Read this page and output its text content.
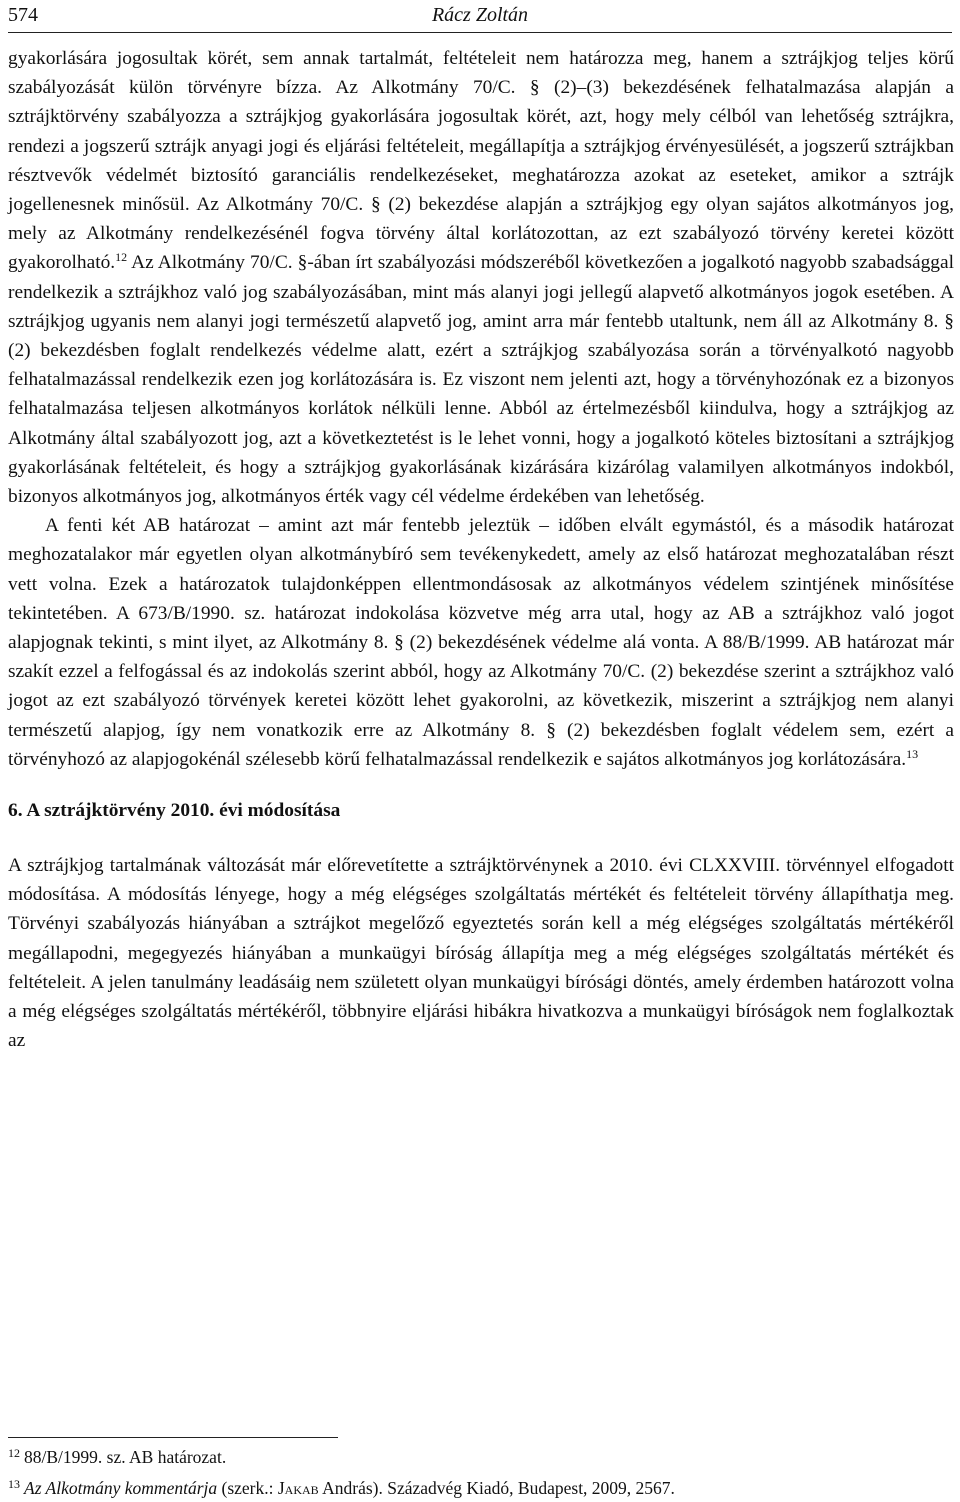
574	Rácz Zoltán

gyakorlására jogosultak körét, sem annak tartalmát, feltételeit nem határozza meg, hanem a sztrájkjog teljes körű szabályozását külön törvényre bízza. Az Alkotmány 70/C. § (2)–(3) bekezdésének felhatalmazása alapján a sztrájktörvény szabályozza a sztrájkjog gyakorlására jogosultak körét, azt, hogy mely célból van lehetőség sztrájkra, rendezi a jogszerű sztrájk anyagi jogi és eljárási feltételeit, megállapítja a sztrájkjog érvényesülését, a jogszerű sztrájkban résztvevők védelmét biztosító garanciális rendelkezéseket, meghatározza azokat az eseteket, amikor a sztrájk jogellenesnek minősül. Az Alkotmány 70/C. § (2) bekezdése alapján a sztrájkjog egy olyan sajátos alkotmányos jog, mely az Alkotmány rendelkezésénél fogva törvény által korlátozottan, az ezt szabályozó törvény keretei között gyakorolható.$^{12}$ Az Alkotmány 70/C. §-ában írt szabályozási módszeréből következően a jogalkotó nagyobb szabadsággal rendelkezik a sztrájkhoz való jog szabályozásában, mint más alanyi jogi jellegű alapvető alkotmányos jogok esetében. A sztrájkjog ugyanis nem alanyi jogi természetű alapvető jog, amint arra már fentebb utaltunk, nem áll az Alkotmány 8. § (2) bekezdésben foglalt rendelkezés védelme alatt, ezért a sztrájkjog szabályozása során a törvényalkotó nagyobb felhatalmazással rendelkezik ezen jog korlátozására is. Ez viszont nem jelenti azt, hogy a törvényhozónak ez a bizonyos felhatalmazása teljesen alkotmányos korlátok nélküli lenne. Abból az értelmezésből kiindulva, hogy a sztrájkjog az Alkotmány által szabályozott jog, azt a következtetést is le lehet vonni, hogy a jogalkotó köteles biztosítani a sztrájkjog gyakorlásának feltételeit, és hogy a sztrájkjog gyakorlásának kizárására kizárólag valamilyen alkotmányos indokból, bizonyos alkotmányos jog, alkotmányos érték vagy cél védelme érdekében van lehetőség.

A fenti két AB határozat – amint azt már fentebb jeleztük – időben elvált egymástól, és a második határozat meghozatalakor már egyetlen olyan alkotmánybíró sem tevékenykedett, amely az első határozat meghozatalában részt vett volna. Ezek a határozatok tulajdonképpen ellentmondásosak az alkotmányos védelem szintjének minősítése tekintetében. A 673/B/1990. sz. határozat indokolása közvetve még arra utal, hogy az AB a sztrájkhoz való jogot alapjognak tekinti, s mint ilyet, az Alkotmány 8. § (2) bekezdésének védelme alá vonta. A 88/B/1999. AB határozat már szakít ezzel a felfogással és az indokolás szerint abból, hogy az Alkotmány 70/C. (2) bekezdése szerint a sztrájkhoz való jogot az ezt szabályozó törvények keretei között lehet gyakorolni, az következik, miszerint a sztrájkjog nem alanyi természetű alapjog, így nem vonatkozik erre az Alkotmány 8. § (2) bekezdésben foglalt védelem sem, ezért a törvényhozó az alapjogokénál szélesebb körű felhatalmazással rendelkezik e sajátos alkotmányos jog korlátozására.$^{13}$

6. A sztrájktörvény 2010. évi módosítása

A sztrájkjog tartalmának változását már előrevetítette a sztrájktörvénynek a 2010. évi CLXXVIII. törvénnyel elfogadott módosítása. A módosítás lényege, hogy a még elégséges szolgáltatás mértékét és feltételeit törvény állapíthatja meg. Törvényi szabályozás hiányában a sztrájkot megelőző egyeztetés során kell a még elégséges szolgáltatás mértékéről megállapodni, megegyezés hiányában a munkaügyi bíróság állapítja meg a még elégséges szolgáltatás mértékét és feltételeit. A jelen tanulmány leadásáig nem született olyan munkaügyi bírósági döntés, amely érdemben határozott volna a még elégséges szolgáltatás mértékéről, többnyire eljárási hibákra hivatkozva a munkaügyi bíróságok nem foglalkoztak az

$^{12}$ 88/B/1999. sz. AB határozat.

$^{13}$ Az Alkotmány kommentárja (szerk.: Jakab András). Századvég Kiadó, Budapest, 2009, 2567.
